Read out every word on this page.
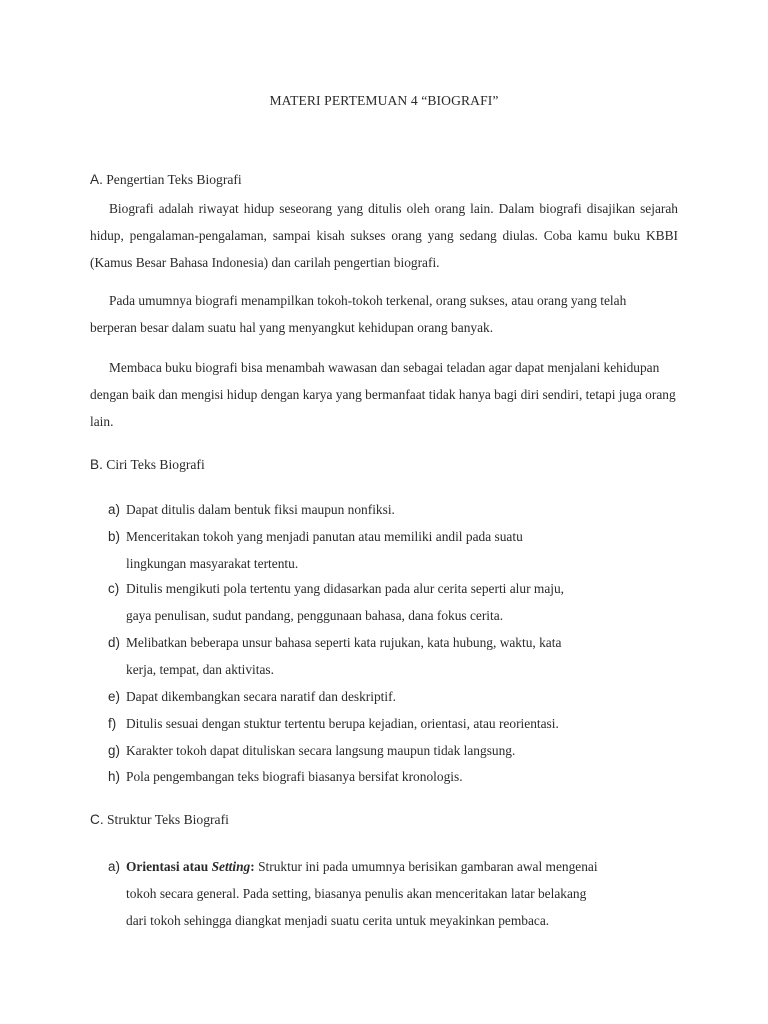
MATERI PERTEMUAN 4 “BIOGRAFI”
A. Pengertian Teks Biografi

Biografi adalah riwayat hidup seseorang yang ditulis oleh orang lain. Dalam biografi disajikan sejarah hidup, pengalaman-pengalaman, sampai kisah sukses orang yang sedang diulas. Coba kamu buku KBBI (Kamus Besar Bahasa Indonesia) dan carilah pengertian biografi.

Pada umumnya biografi menampilkan tokoh-tokoh terkenal, orang sukses, atau orang yang telah berperan besar dalam suatu hal yang menyangkut kehidupan orang banyak.

Membaca buku biografi bisa menambah wawasan dan sebagai teladan agar dapat menjalani kehidupan dengan baik dan mengisi hidup dengan karya yang bermanfaat tidak hanya bagi diri sendiri, tetapi juga orang lain.

B. Ciri Teks Biografi
a) Dapat ditulis dalam bentuk fiksi maupun nonfiksi.
b) Menceritakan tokoh yang menjadi panutan atau memiliki andil pada suatu
lingkungan masyarakat tertentu.
c) Ditulis mengikuti pola tertentu yang didasarkan pada alur cerita seperti alur maju,
gaya penulisan, sudut pandang, penggunaan bahasa, dana fokus cerita.
d) Melibatkan beberapa unsur bahasa seperti kata rujukan, kata hubung, waktu, kata
kerja, tempat, dan aktivitas.
e) Dapat dikembangkan secara naratif dan deskriptif.
f) Ditulis sesuai dengan stuktur tertentu berupa kejadian, orientasi, atau reorientasi.
g) Karakter tokoh dapat dituliskan secara langsung maupun tidak langsung.
h) Pola pengembangan teks biografi biasanya bersifat kronologis.
C. Struktur Teks Biografi
a) Orientasi atau Setting: Struktur ini pada umumnya berisikan gambaran awal mengenai
tokoh secara general. Pada setting, biasanya penulis akan menceritakan latar belakang
dari tokoh sehingga diangkat menjadi suatu cerita untuk meyakinkan pembaca.
